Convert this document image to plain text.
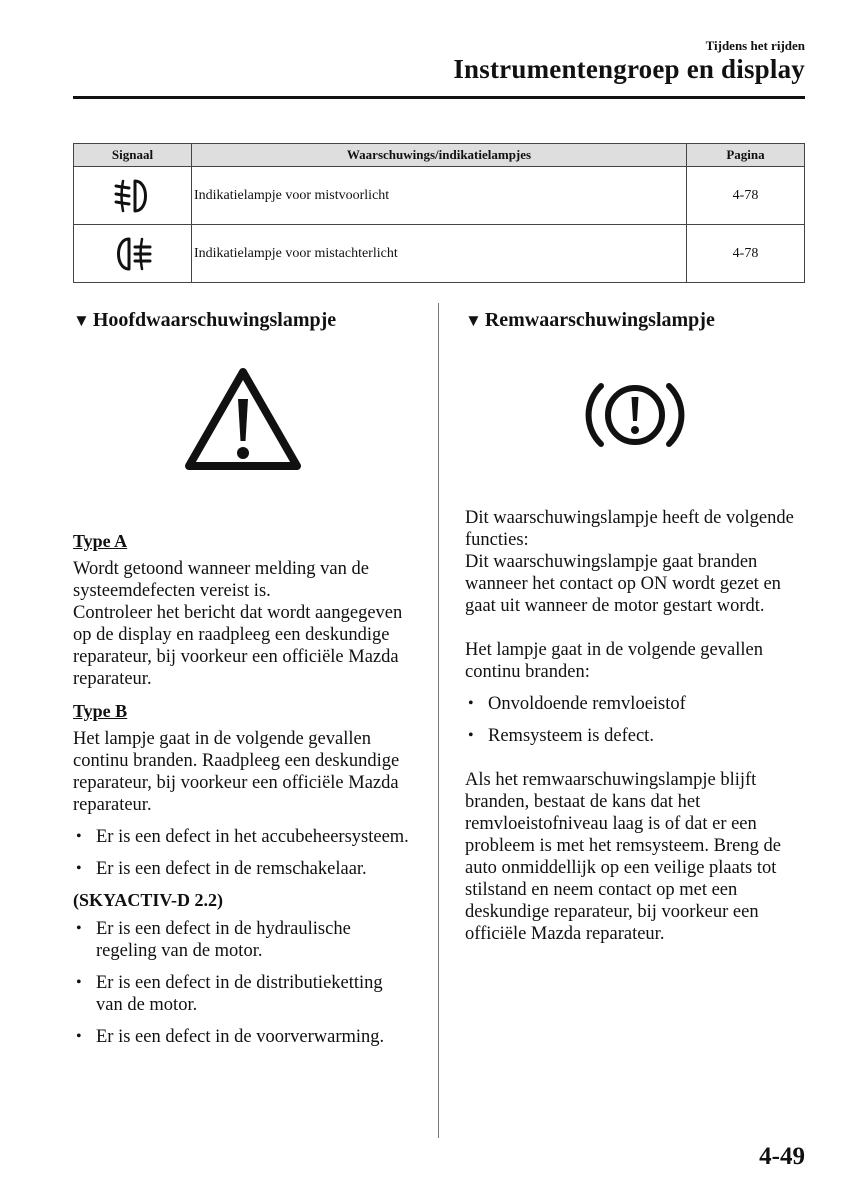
Tijdens het rijden
Instrumentengroep en display
Signaal	Waarschuwings/indikatielampjes	Pagina

	Indikatielampje voor mistvoorlicht	4-78

	Indikatielampje voor mistachterlicht	4-78
▼ Hoofdwaarschuwingslampje

Type A

Wordt getoond wanneer melding van de systeemdefecten vereist is.

Controleer het bericht dat wordt aangegeven op de display en raadpleeg een deskundige reparateur, bij voorkeur een officiële Mazda reparateur.

Type B

Het lampje gaat in de volgende gevallen continu branden. Raadpleeg een deskundige reparateur, bij voorkeur een officiële Mazda reparateur.

• Er is een defect in het accubeheersysteem.
• Er is een defect in de remschakelaar.

(SKYACTIV-D 2.2)

• Er is een defect in de hydraulische regeling van de motor.
• Er is een defect in de distributieketting van de motor.
• Er is een defect in de voorverwarming.
▼ Remwaarschuwingslampje

Dit waarschuwingslampje heeft de volgende functies:

Dit waarschuwingslampje gaat branden wanneer het contact op ON wordt gezet en gaat uit wanneer de motor gestart wordt.

Het lampje gaat in de volgende gevallen continu branden:

• Onvoldoende remvloeistof
• Remsysteem is defect.

Als het remwaarschuwingslampje blijft branden, bestaat de kans dat het remvloeistofniveau laag is of dat er een probleem is met het remsysteem. Breng de auto onmiddellijk op een veilige plaats tot stilstand en neem contact op met een deskundige reparateur, bij voorkeur een officiële Mazda reparateur.

4-49
